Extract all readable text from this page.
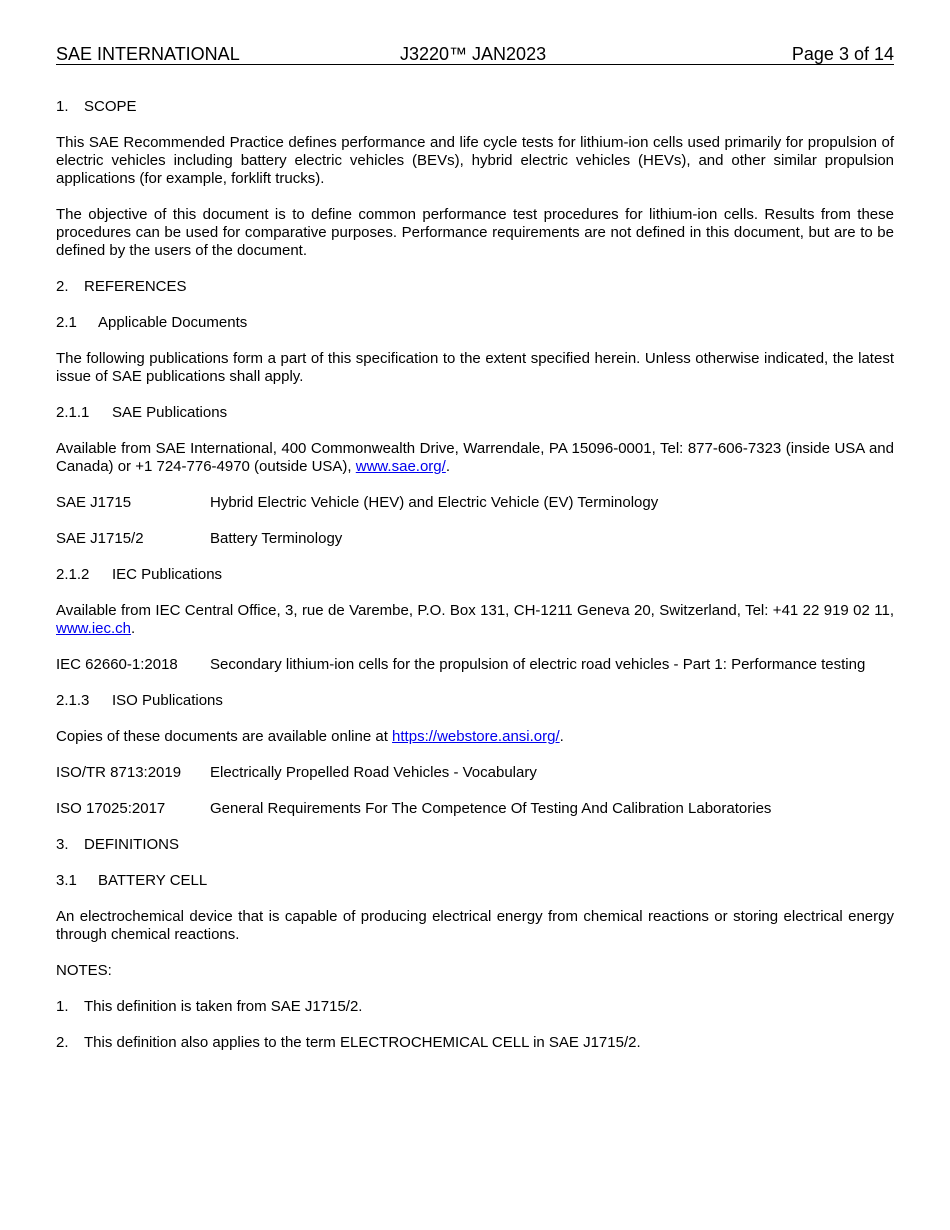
SAE INTERNATIONAL	J3220™ JAN2023	Page 3 of 14

1. SCOPE

This SAE Recommended Practice defines performance and life cycle tests for lithium-ion cells used primarily for propulsion of electric vehicles including battery electric vehicles (BEVs), hybrid electric vehicles (HEVs), and other similar propulsion applications (for example, forklift trucks).

The objective of this document is to define common performance test procedures for lithium-ion cells. Results from these procedures can be used for comparative purposes. Performance requirements are not defined in this document, but are to be defined by the users of the document.

2. REFERENCES

2.1 Applicable Documents

The following publications form a part of this specification to the extent specified herein. Unless otherwise indicated, the latest issue of SAE publications shall apply.

2.1.1 SAE Publications

Available from SAE International, 400 Commonwealth Drive, Warrendale, PA 15096-0001, Tel: 877-606-7323 (inside USA and Canada) or +1 724-776-4970 (outside USA), www.sae.org/.

SAE J1715	Hybrid Electric Vehicle (HEV) and Electric Vehicle (EV) Terminology

SAE J1715/2	Battery Terminology

2.1.2 IEC Publications

Available from IEC Central Office, 3, rue de Varembe, P.O. Box 131, CH-1211 Geneva 20, Switzerland, Tel: +41 22 919 02 11, www.iec.ch.

IEC 62660-1:2018 Secondary lithium-ion cells for the propulsion of electric road vehicles - Part 1: Performance testing

2.1.3 ISO Publications

Copies of these documents are available online at https://webstore.ansi.org/.

ISO/TR 8713:2019 Electrically Propelled Road Vehicles - Vocabulary

ISO 17025:2017	General Requirements For The Competence Of Testing And Calibration Laboratories

3. DEFINITIONS

3.1 BATTERY CELL

An electrochemical device that is capable of producing electrical energy from chemical reactions or storing electrical energy through chemical reactions.

NOTES:

1. This definition is taken from SAE J1715/2.

2. This definition also applies to the term ELECTROCHEMICAL CELL in SAE J1715/2.
